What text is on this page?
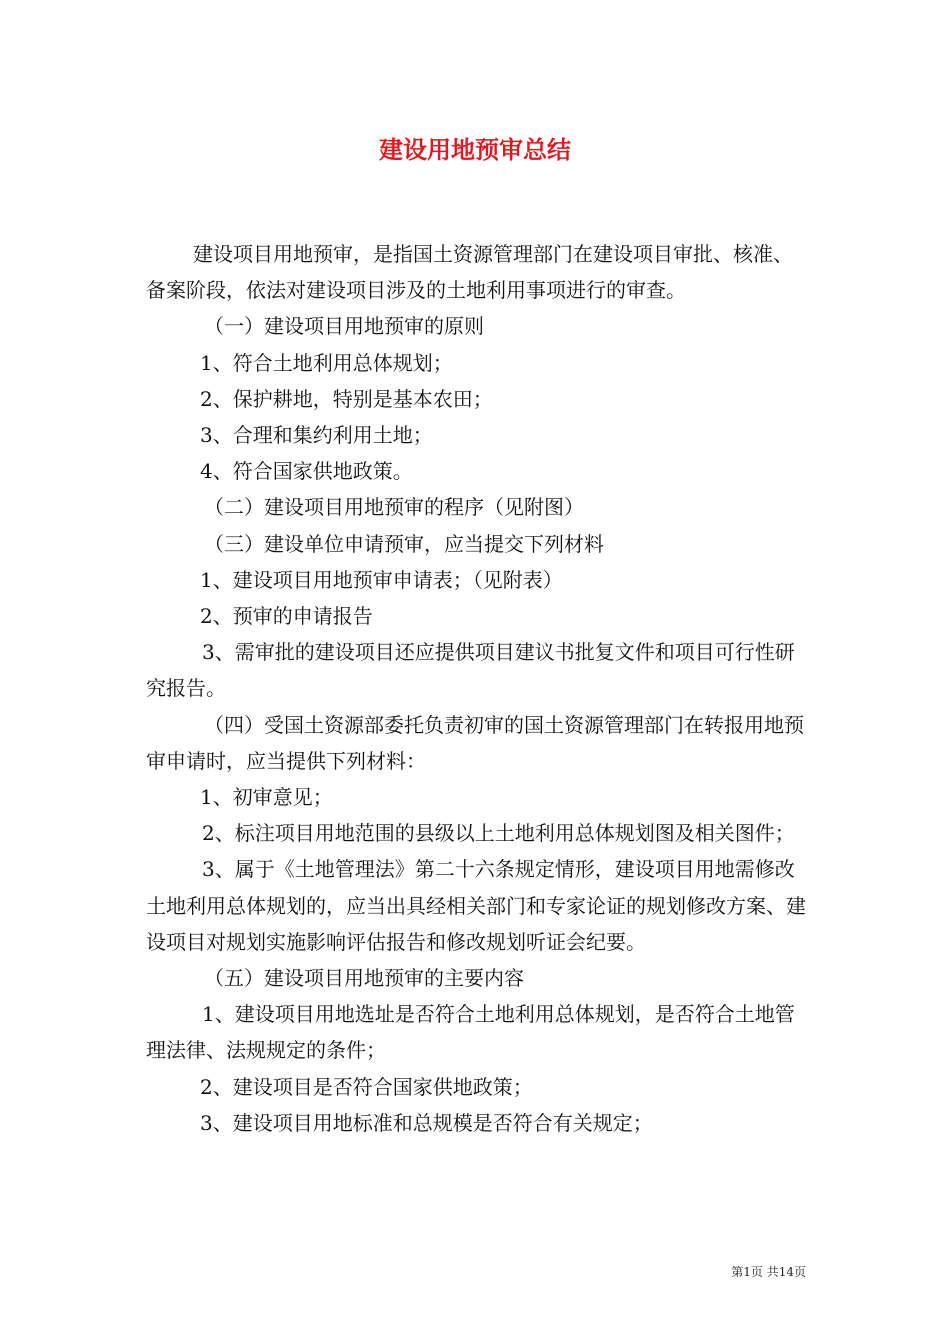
建设用地预审总结

建设项目用地预审，是指国土资源管理部门在建设项目审批、核准、备案阶段，依法对建设项目涉及的土地利用事项进行的审查。

（一）建设项目用地预审的原则

1、符合土地利用总体规划；

2、保护耕地，特别是基本农田；

3、合理和集约利用土地；

4、符合国家供地政策。

（二）建设项目用地预审的程序（见附图）

（三）建设单位申请预审，应当提交下列材料

1、建设项目用地预审申请表；（见附表）

2、预审的申请报告

3、需审批的建设项目还应提供项目建议书批复文件和项目可行性研究报告。

（四）受国土资源部委托负责初审的国土资源管理部门在转报用地预审申请时，应当提供下列材料：

1、初审意见；

2、标注项目用地范围的县级以上土地利用总体规划图及相关图件；

3、属于《土地管理法》第二十六条规定情形，建设项目用地需修改土地利用总体规划的，应当出具经相关部门和专家论证的规划修改方案、建设项目对规划实施影响评估报告和修改规划听证会纪要。

（五）建设项目用地预审的主要内容

1、建设项目用地选址是否符合土地利用总体规划，是否符合土地管理法律、法规规定的条件；

2、建设项目是否符合国家供地政策；

3、建设项目用地标准和总规模是否符合有关规定；

第1页 共14页
